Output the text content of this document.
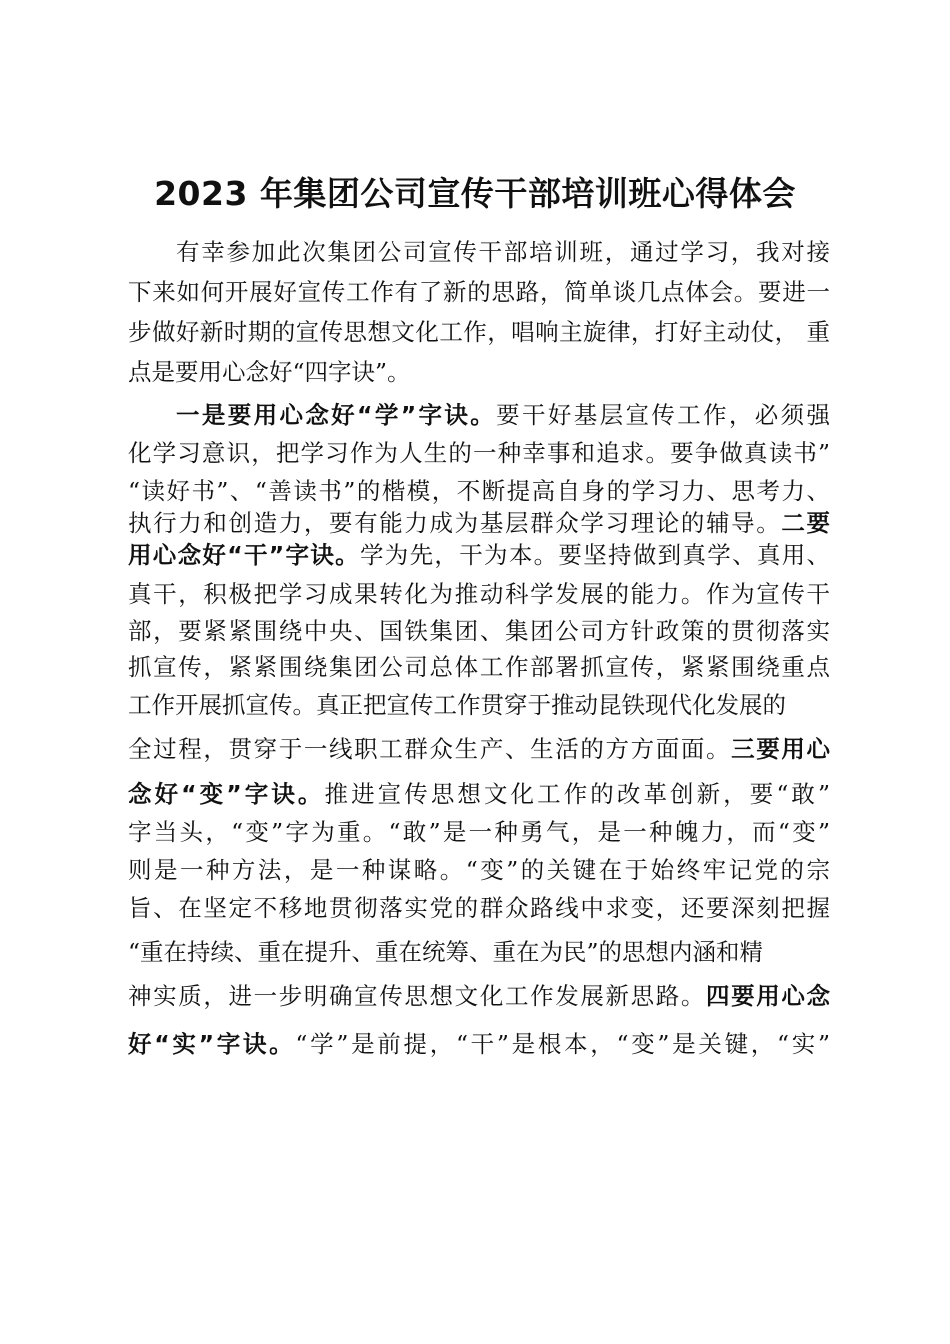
2023 年集团公司宣传干部培训班心得体会
有幸参加此次集团公司宣传干部培训班，通过学习，我对接
下来如何开展好宣传工作有了新的思路，简单谈几点体会。要进一
步做好新时期的宣传思想文化工作，唱响主旋律，打好主动仗， 重
点是要用心念好“四字诀”。
一是要用心念好“学”字诀。要干好基层宣传工作，必须强
化学习意识，把学习作为人生的一种幸事和追求。要争做真读书”
“读好书”、“善读书”的楷模，不断提高自身的学习力、思考力、
执行力和创造力，要有能力成为基层群众学习理论的辅导。二要
用心念好“干”字诀。学为先，干为本。要坚持做到真学、真用、
真干，积极把学习成果转化为推动科学发展的能力。作为宣传干
部，要紧紧围绕中央、国铁集团、集团公司方针政策的贯彻落实
抓宣传，紧紧围绕集团公司总体工作部署抓宣传，紧紧围绕重点
工作开展抓宣传。真正把宣传工作贯穿于推动昆铁现代化发展的
全过程，贯穿于一线职工群众生产、生活的方方面面。三要用心
念好“变”字诀。推进宣传思想文化工作的改革创新，要“敢”
字当头，“变”字为重。“敢”是一种勇气，是一种魄力，而“变”
则是一种方法，是一种谋略。“变”的关键在于始终牢记党的宗
旨、在坚定不移地贯彻落实党的群众路线中求变，还要深刻把握
“重在持续、重在提升、重在统筹、重在为民”的思想内涵和精
神实质，进一步明确宣传思想文化工作发展新思路。四要用心念
好“实”字诀。“学”是前提，“干”是根本，“变”是关键，“实”
